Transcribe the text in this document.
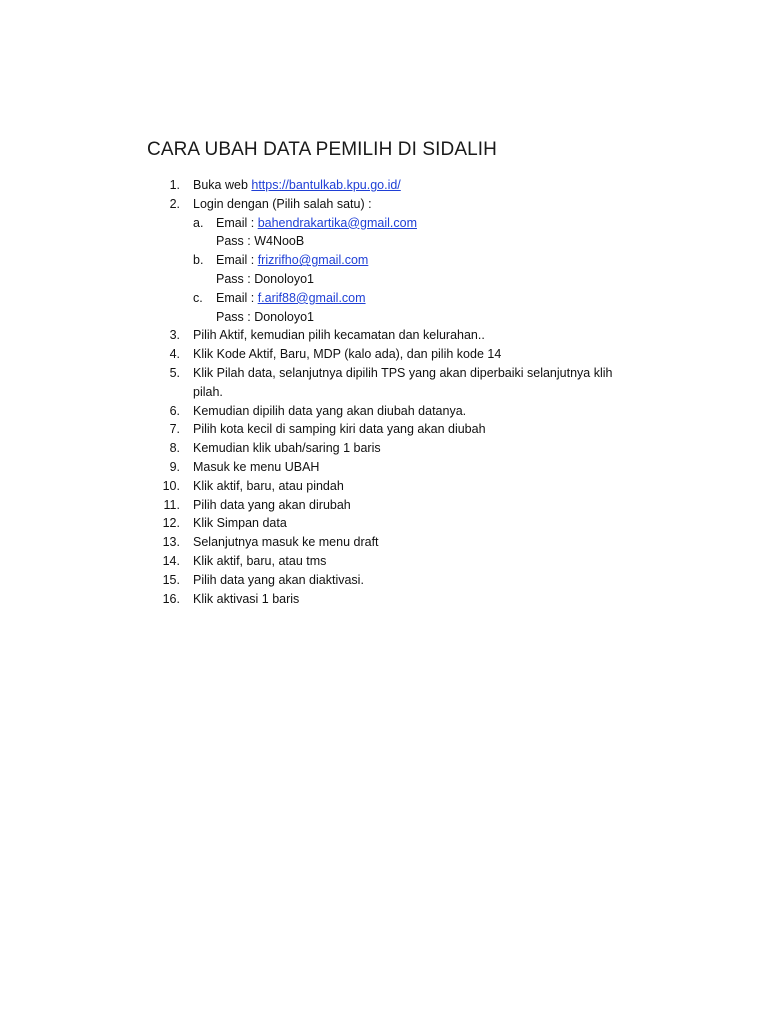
CARA UBAH DATA PEMILIH DI SIDALIH
1 . Buka web https://bantulkab.kpu.go.id/
2 . Login dengan (Pilih salah satu) :
a . Email : bahendrakartika@gmail.com
Pass : W4NooB
b . Email : frizrifho@gmail.com
Pass : Donoloyo1
c . Email : f.arif88@gmail.com
Pass : Donoloyo1
3 . Pilih Aktif, kemudian pilih kecamatan dan kelurahan..
4 . Klik Kode Aktif, Baru, MDP (kalo ada), dan pilih kode 14
5 . Klik Pilah data, selanjutnya dipilih TPS yang akan diperbaiki selanjutnya klih pilah.
6 . Kemudian dipilih data yang akan diubah datanya.
7 . Pilih kota kecil di samping kiri data yang akan diubah
8 . Kemudian klik ubah/saring 1 baris
9 . Masuk ke menu UBAH
10 . Klik aktif, baru, atau pindah
11 . Pilih data yang akan dirubah
12 . Klik Simpan data
13 . Selanjutnya masuk ke menu draft
14 . Klik aktif, baru, atau tms
15 . Pilih data yang akan diaktivasi.
16 . Klik aktivasi 1 baris
